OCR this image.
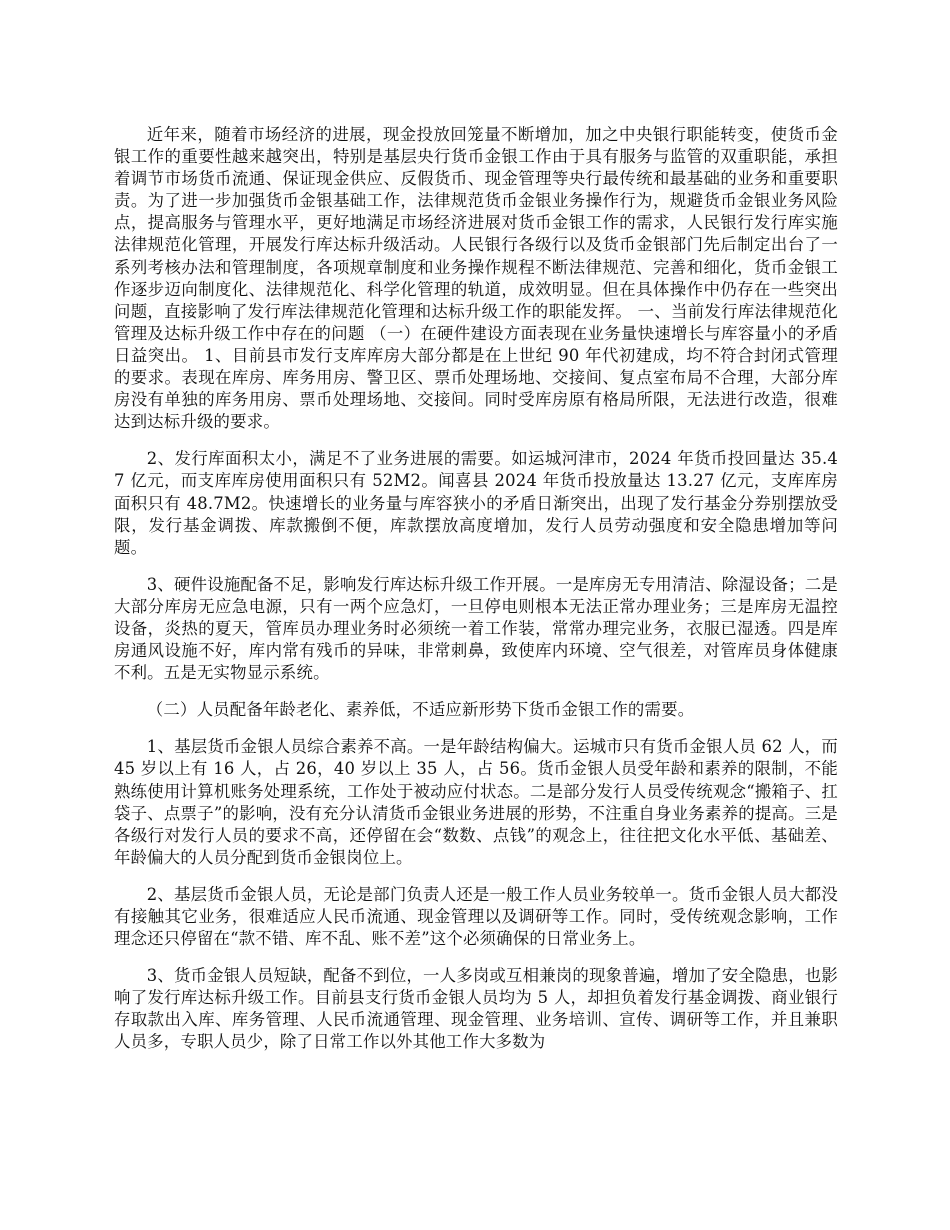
近年来，随着市场经济的进展，现金投放回笼量不断增加，加之中央银行职能转变，使货币金银工作的重要性越来越突出，特别是基层央行货币金银工作由于具有服务与监管的双重职能，承担着调节市场货币流通、保证现金供应、反假货币、现金管理等央行最传统和最基础的业务和重要职责。为了进一步加强货币金银基础工作，法律规范货币金银业务操作行为，规避货币金银业务风险点，提高服务与管理水平，更好地满足市场经济进展对货币金银工作的需求，人民银行发行库实施法律规范化管理，开展发行库达标升级活动。人民银行各级行以及货币金银部门先后制定出台了一系列考核办法和管理制度，各项规章制度和业务操作规程不断法律规范、完善和细化，货币金银工作逐步迈向制度化、法律规范化、科学化管理的轨道，成效明显。但在具体操作中仍存在一些突出问题，直接影响了发行库法律规范化管理和达标升级工作的职能发挥。 一、当前发行库法律规范化管理及达标升级工作中存在的问题 （一）在硬件建设方面表现在业务量快速增长与库容量小的矛盾日益突出。 1、目前县市发行支库库房大部分都是在上世纪 90 年代初建成，均不符合封闭式管理的要求。表现在库房、库务用房、警卫区、票币处理场地、交接间、复点室布局不合理，大部分库房没有单独的库务用房、票币处理场地、交接间。同时受库房原有格局所限，无法进行改造，很难达到达标升级的要求。

2、发行库面积太小，满足不了业务进展的需要。如运城河津市，2024 年货币投回量达 35.47 亿元，而支库库房使用面积只有 52M2。闻喜县 2024 年货币投放量达 13.27 亿元，支库库房面积只有 48.7M2。快速增长的业务量与库容狭小的矛盾日渐突出，出现了发行基金分券别摆放受限，发行基金调拨、库款搬倒不便，库款摆放高度增加，发行人员劳动强度和安全隐患增加等问题。

3、硬件设施配备不足，影响发行库达标升级工作开展。一是库房无专用清洁、除湿设备；二是大部分库房无应急电源，只有一两个应急灯，一旦停电则根本无法正常办理业务；三是库房无温控设备，炎热的夏天，管库员办理业务时必须统一着工作装，常常办理完业务，衣服已湿透。四是库房通风设施不好，库内常有残币的异味，非常刺鼻，致使库内环境、空气很差，对管库员身体健康不利。五是无实物显示系统。

（二）人员配备年龄老化、素养低，不适应新形势下货币金银工作的需要。

1、基层货币金银人员综合素养不高。一是年龄结构偏大。运城市只有货币金银人员 62 人，而 45 岁以上有 16 人，占 26，40 岁以上 35 人，占 56。货币金银人员受年龄和素养的限制，不能熟练使用计算机账务处理系统，工作处于被动应付状态。二是部分发行人员受传统观念“搬箱子、扛袋子、点票子”的影响，没有充分认清货币金银业务进展的形势，不注重自身业务素养的提高。三是各级行对发行人员的要求不高，还停留在会“数数、点钱”的观念上，往往把文化水平低、基础差、年龄偏大的人员分配到货币金银岗位上。

2、基层货币金银人员，无论是部门负责人还是一般工作人员业务较单一。货币金银人员大都没有接触其它业务，很难适应人民币流通、现金管理以及调研等工作。同时，受传统观念影响，工作理念还只停留在“款不错、库不乱、账不差”这个必须确保的日常业务上。

3、货币金银人员短缺，配备不到位，一人多岗或互相兼岗的现象普遍，增加了安全隐患，也影响了发行库达标升级工作。目前县支行货币金银人员均为 5 人，却担负着发行基金调拨、商业银行存取款出入库、库务管理、人民币流通管理、现金管理、业务培训、宣传、调研等工作，并且兼职人员多，专职人员少，除了日常工作以外其他工作大多数为
